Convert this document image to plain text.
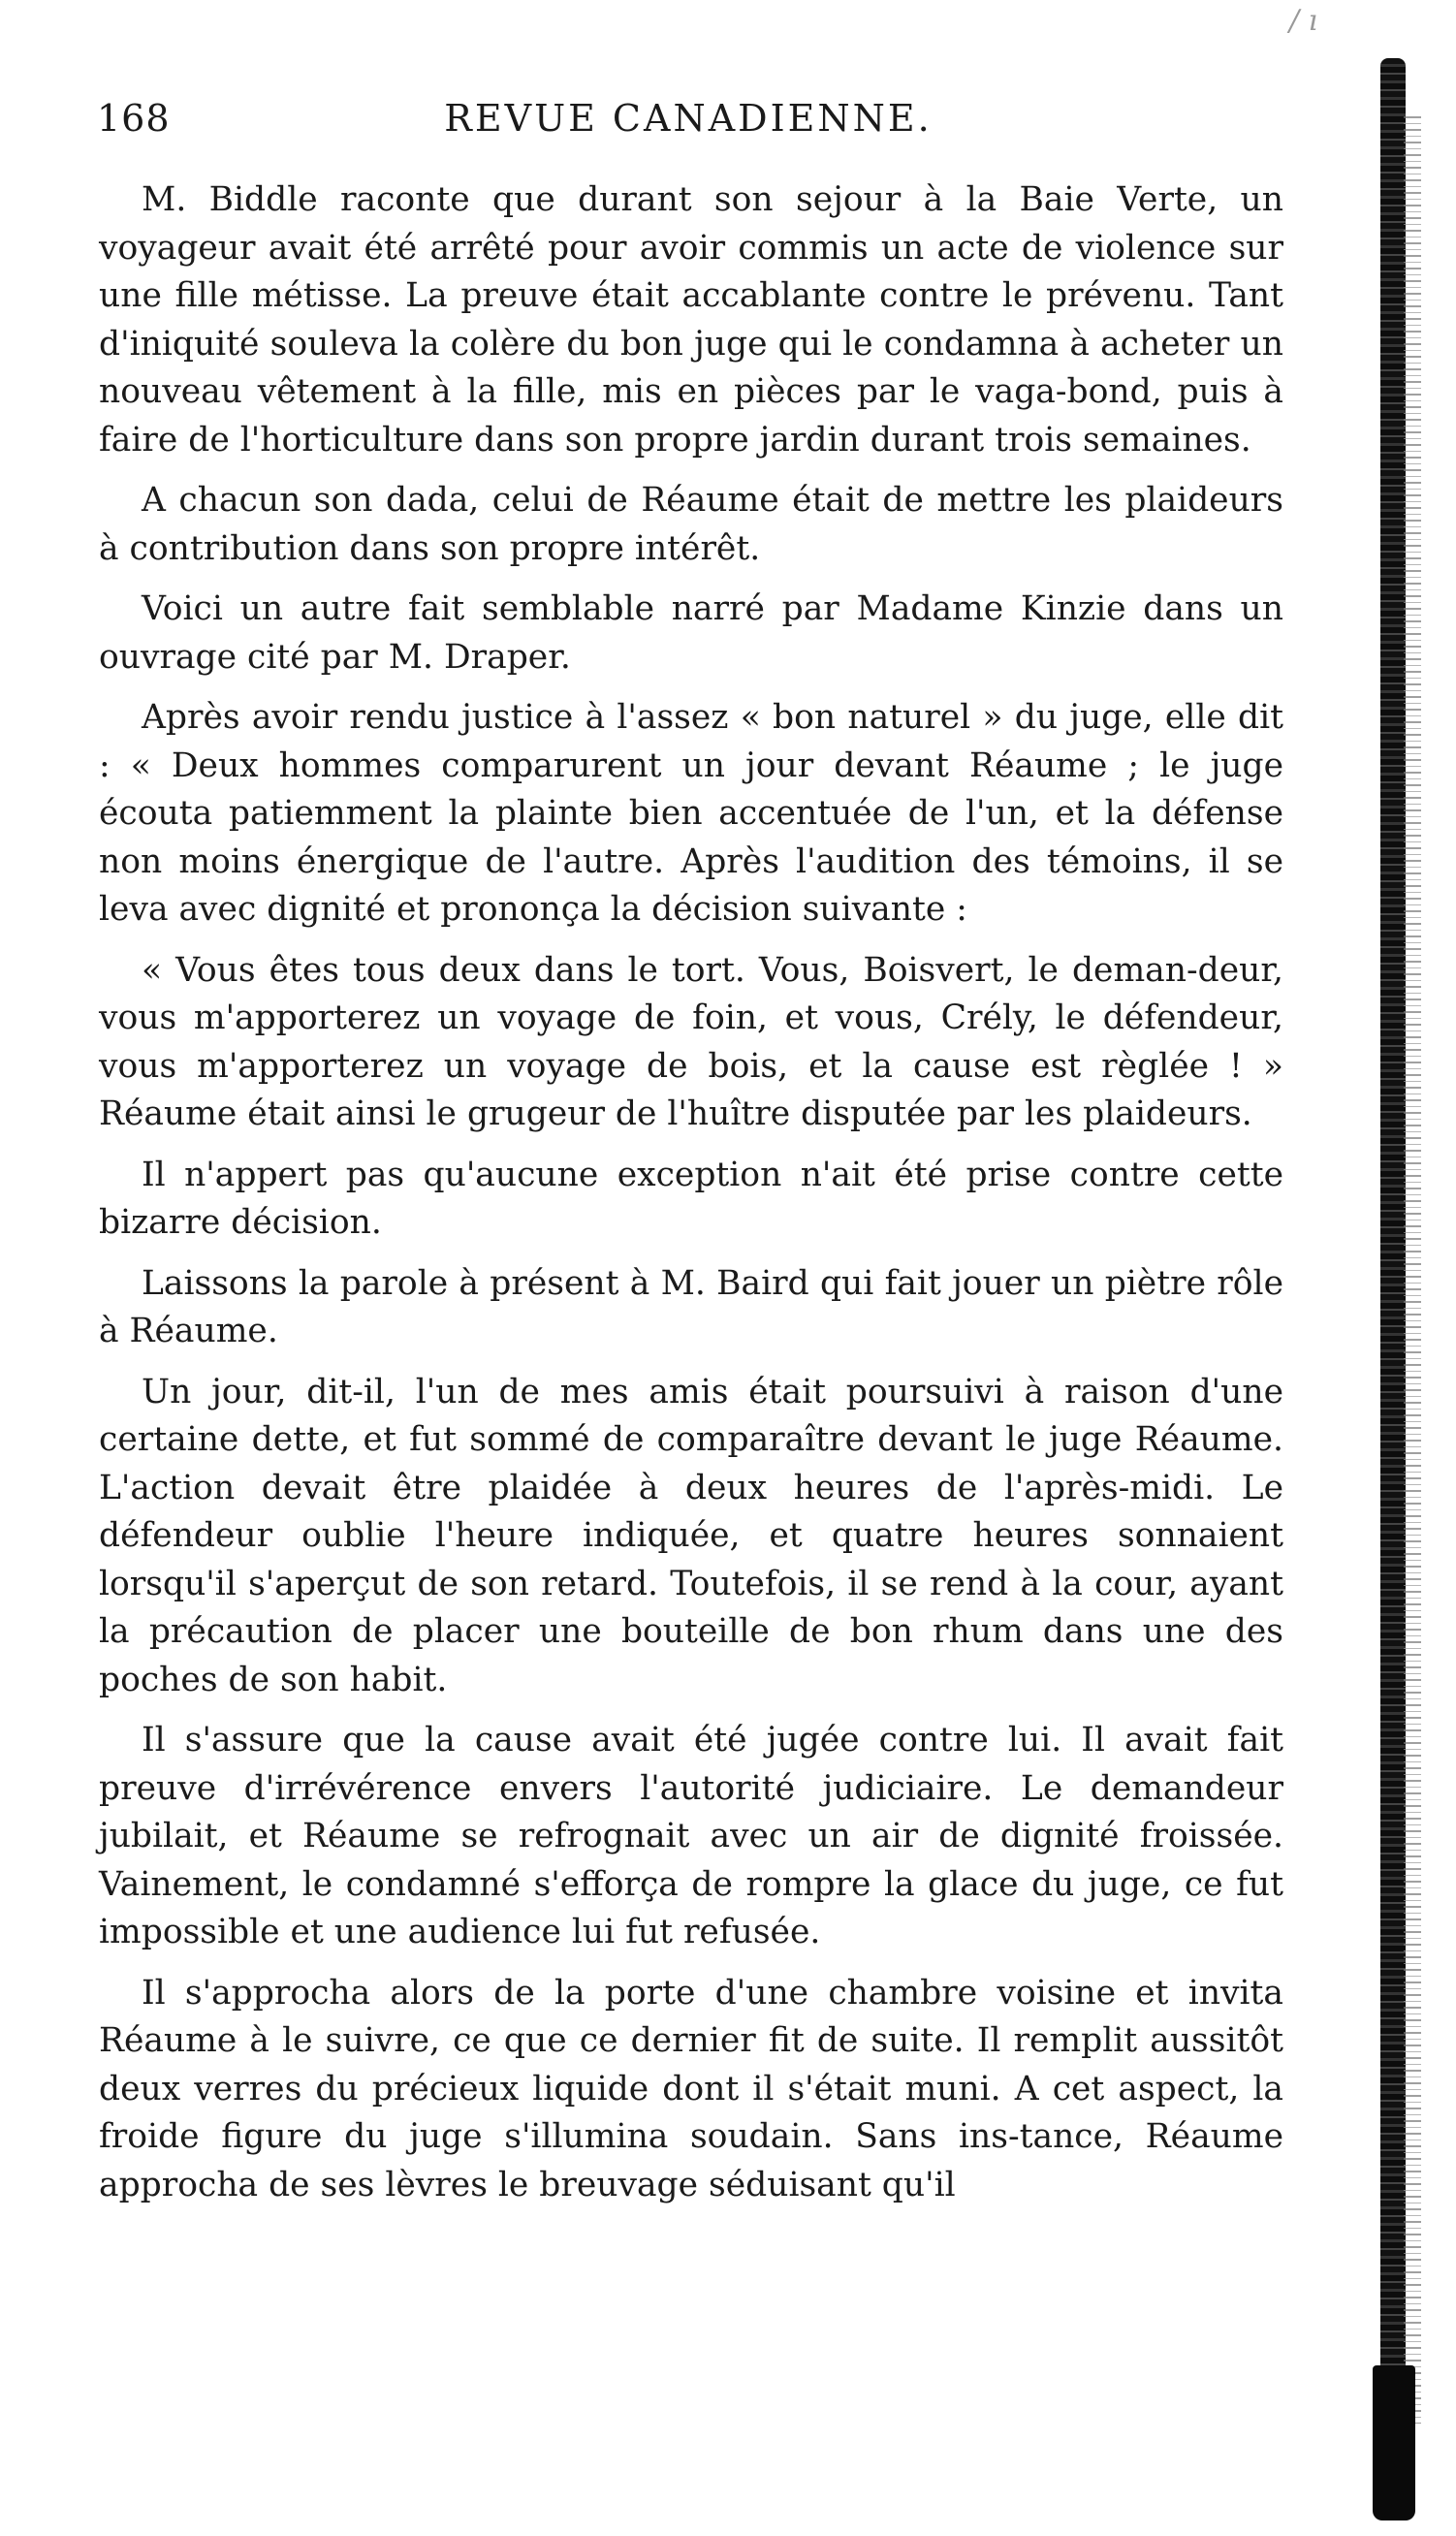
/ ı
168	REVUE CANADIENNE.

M. Biddle raconte que durant son sejour à la Baie Verte, un voyageur avait été arrêté pour avoir commis un acte de violence sur une fille métisse. La preuve était accablante contre le prévenu. Tant d'iniquité souleva la colère du bon juge qui le condamna à acheter un nouveau vêtement à la fille, mis en pièces par le vaga-bond, puis à faire de l'horticulture dans son propre jardin durant trois semaines.

A chacun son dada, celui de Réaume était de mettre les plaideurs à contribution dans son propre intérêt.

Voici un autre fait semblable narré par Madame Kinzie dans un ouvrage cité par M. Draper.

Après avoir rendu justice à l'assez « bon naturel » du juge, elle dit : « Deux hommes comparurent un jour devant Réaume ; le juge écouta patiemment la plainte bien accentuée de l'un, et la défense non moins énergique de l'autre. Après l'audition des témoins, il se leva avec dignité et prononça la décision suivante :

« Vous êtes tous deux dans le tort. Vous, Boisvert, le deman-deur, vous m'apporterez un voyage de foin, et vous, Crély, le défendeur, vous m'apporterez un voyage de bois, et la cause est règlée ! » Réaume était ainsi le grugeur de l'huître disputée par les plaideurs.

Il n'appert pas qu'aucune exception n'ait été prise contre cette bizarre décision.

Laissons la parole à présent à M. Baird qui fait jouer un piètre rôle à Réaume.

Un jour, dit-il, l'un de mes amis était poursuivi à raison d'une certaine dette, et fut sommé de comparaître devant le juge Réaume. L'action devait être plaidée à deux heures de l'après-midi. Le défendeur oublie l'heure indiquée, et quatre heures sonnaient lorsqu'il s'aperçut de son retard. Toutefois, il se rend à la cour, ayant la précaution de placer une bouteille de bon rhum dans une des poches de son habit.

Il s'assure que la cause avait été jugée contre lui. Il avait fait preuve d'irrévérence envers l'autorité judiciaire. Le demandeur jubilait, et Réaume se refrognait avec un air de dignité froissée. Vainement, le condamné s'efforça de rompre la glace du juge, ce fut impossible et une audience lui fut refusée.

Il s'approcha alors de la porte d'une chambre voisine et invita Réaume à le suivre, ce que ce dernier fit de suite. Il remplit aussitôt deux verres du précieux liquide dont il s'était muni. A cet aspect, la froide figure du juge s'illumina soudain. Sans ins-tance, Réaume approcha de ses lèvres le breuvage séduisant qu'il
